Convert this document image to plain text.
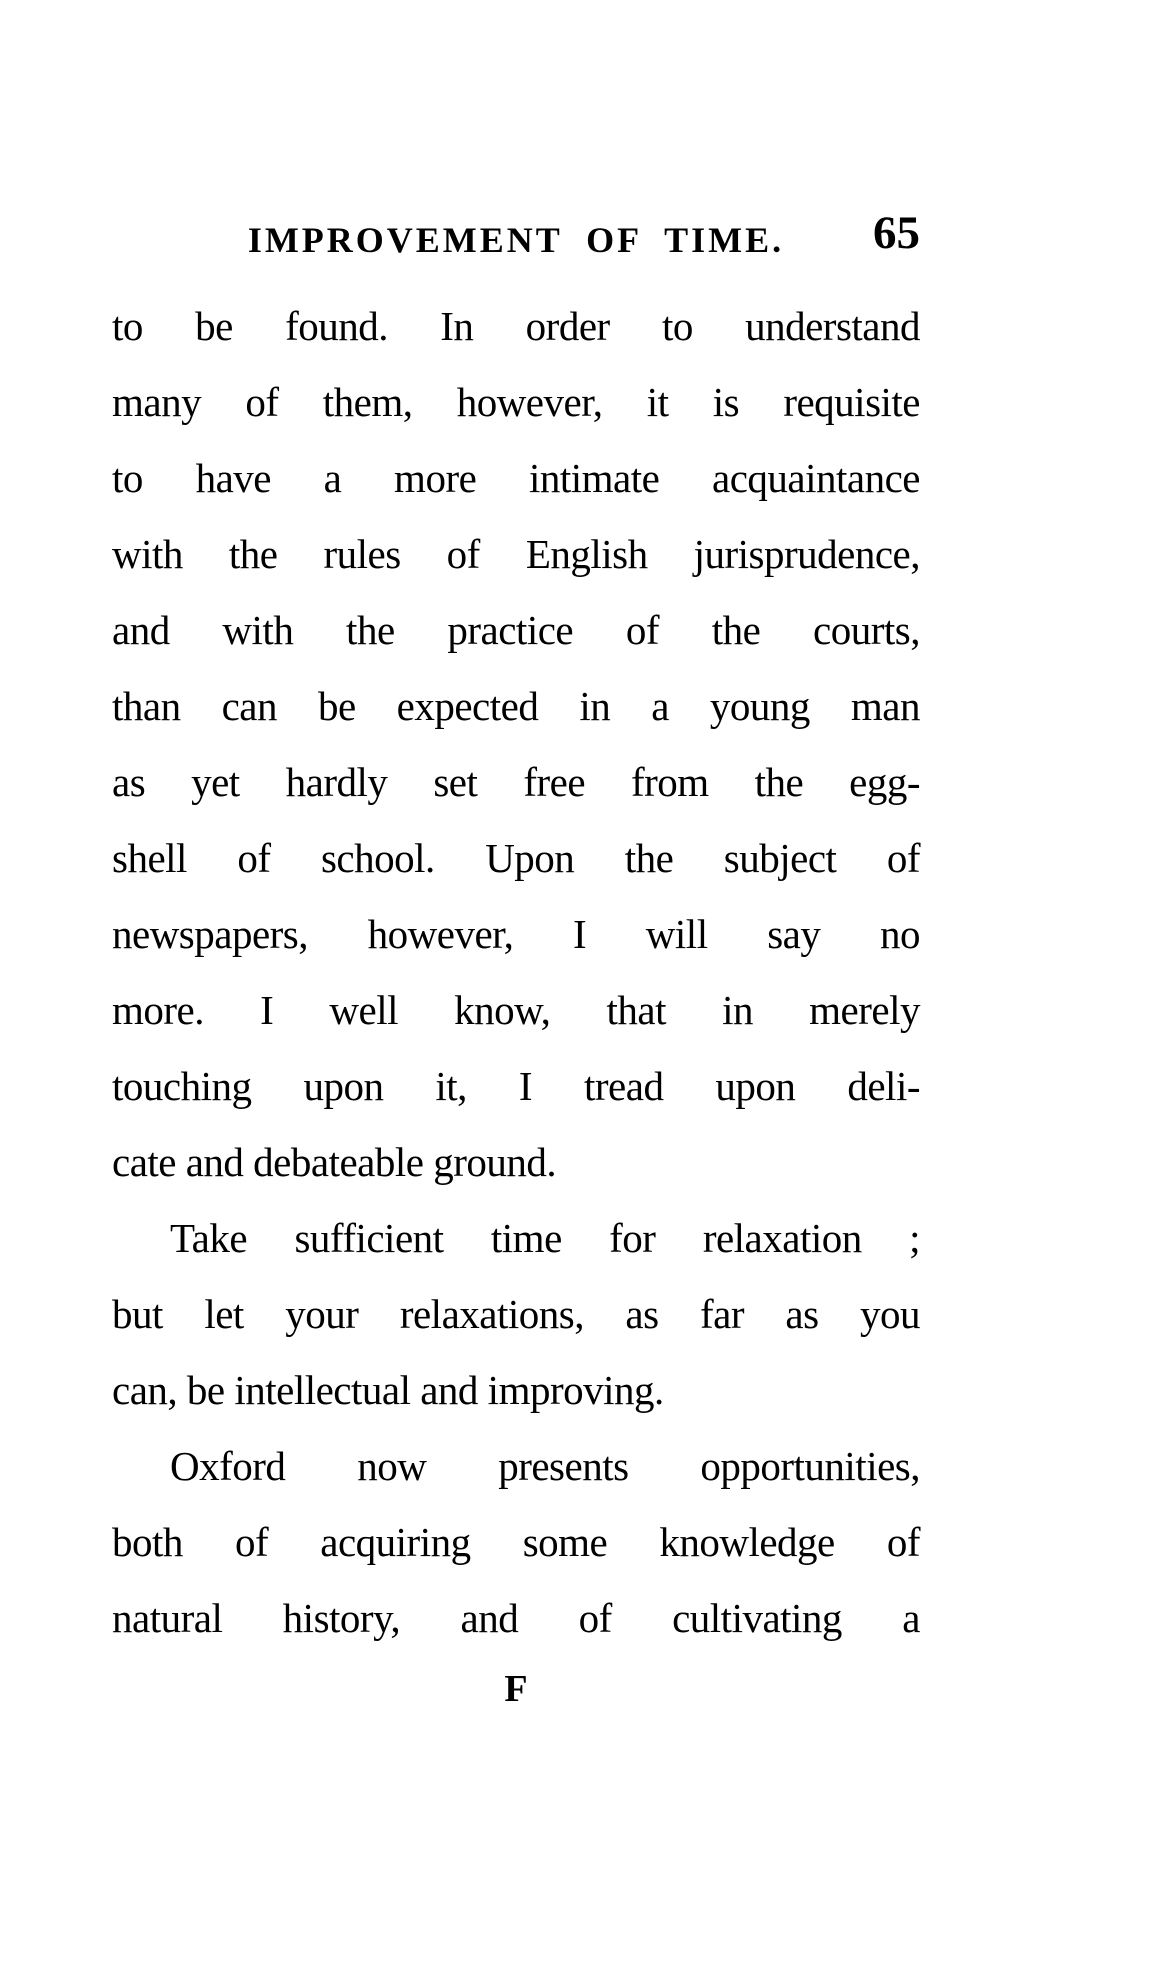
IMPROVEMENT OF TIME.	65
to be found. In order to understand
many of them, however, it is requisite
to have a more intimate acquaintance
with the rules of English jurisprudence,
and with the practice of the courts,
than can be expected in a young man
as yet hardly set free from the egg-
shell of school. Upon the subject of
newspapers, however, I will say no
more. I well know, that in merely
touching upon it, I tread upon deli-
cate and debateable ground.
Take sufficient time for relaxation ;
but let your relaxations, as far as you
can, be intellectual and improving.
Oxford now presents opportunities,
both of acquiring some knowledge of
natural history, and of cultivating a
F
